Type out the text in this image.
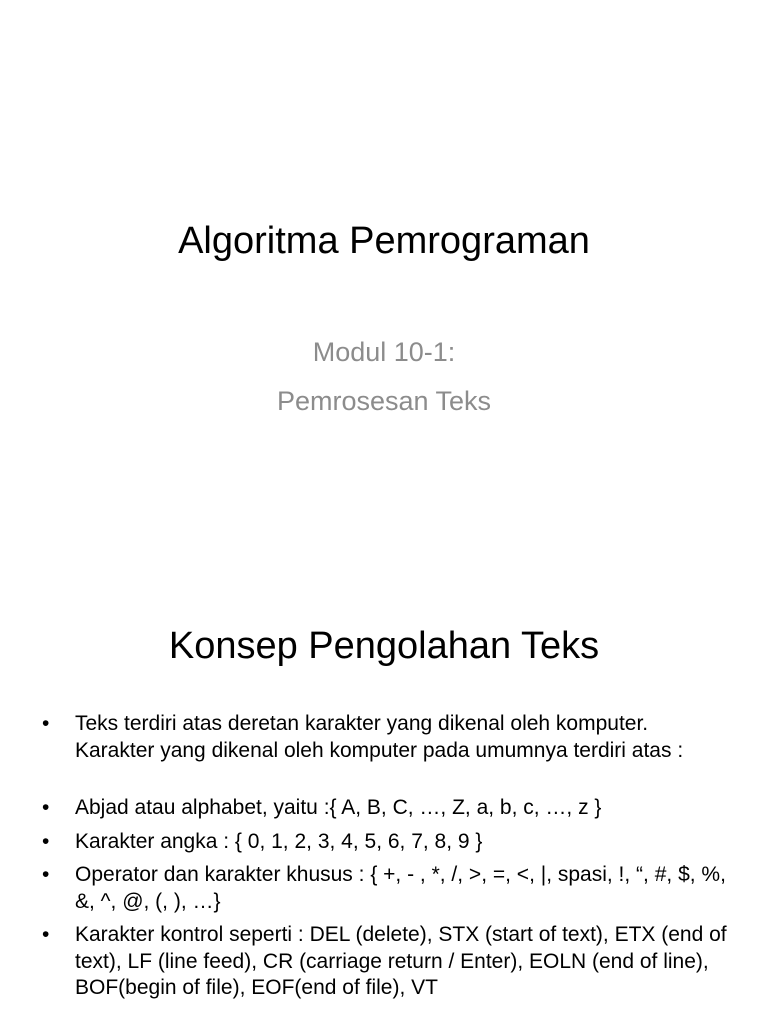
Algoritma Pemrograman
Modul 10-1:
Pemrosesan Teks
Konsep Pengolahan Teks
• Teks terdiri atas deretan karakter yang dikenal oleh komputer. Karakter yang dikenal oleh komputer pada umumnya terdiri atas :
• Abjad atau alphabet, yaitu :{ A, B, C, …, Z, a, b, c, …, z }
• Karakter angka : { 0, 1, 2, 3, 4, 5, 6, 7, 8, 9 }
• Operator dan karakter khusus : { +, - , *, /, >, =, <, |, spasi, !, “, #, $, %, &, ^, @, (, ), …}
• Karakter kontrol seperti : DEL (delete), STX (start of text), ETX (end of text), LF (line feed), CR (carriage return / Enter), EOLN (end of line), BOF(begin of file), EOF(end of file), VT
